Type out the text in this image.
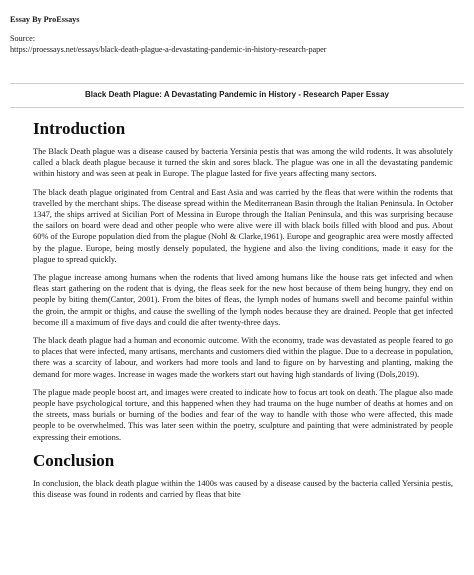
Essay By ProEssays
Source:
https://proessays.net/essays/black-death-plague-a-devastating-pandemic-in-history-research-paper
Black Death Plague: A Devastating Pandemic in History - Research Paper Essay
Introduction

The Black Death plague was a disease caused by bacteria Yersinia pestis that was among the wild rodents. It was absolutely called a black death plague because it turned the skin and sores black. The plague was one in all the devastating pandemic within history and was seen at peak in Europe. The plague lasted for five years affecting many sectors.

The black death plague originated from Central and East Asia and was carried by the fleas that were within the rodents that travelled by the merchant ships. The disease spread within the Mediterranean Basin through the Italian Peninsula. In October 1347, the ships arrived at Sicilian Port of Messina in Europe through the Italian Peninsula, and this was surprising because the sailors on board were dead and other people who were alive were ill with black boils filled with blood and pus. About 60% of the Europe population died from the plague (Nohl & Clarke,1961). Europe and geographic area were mostly affected by the plague. Europe, being mostly densely populated, the hygiene and also the living conditions, made it easy for the plague to spread quickly.

The plague increase among humans when the rodents that lived among humans like the house rats get infected and when fleas start gathering on the rodent that is dying, the fleas seek for the new host because of them being hungry, they end on people by biting them(Cantor, 2001). From the bites of fleas, the lymph nodes of humans swell and become painful within the groin, the armpit or thighs, and cause the swelling of the lymph nodes because they are drained. People that get infected become ill a maximum of five days and could die after twenty-three days.

The black death plague had a human and economic outcome. With the economy, trade was devastated as people feared to go to places that were infected, many artisans, merchants and customers died within the plague. Due to a decrease in population, there was a scarcity of labour, and workers had more tools and land to figure on by harvesting and planting, making the demand for more wages. Increase in wages made the workers start out having high standards of living (Dols,2019).

The plague made people boost art, and images were created to indicate how to focus art took on death. The plague also made people have psychological torture, and this happened when they had trauma on the huge number of deaths at homes and on the streets, mass burials or burning of the bodies and fear of the way to handle with those who were affected, this made people to be overwhelmed. This was later seen within the poetry, sculpture and painting that were administrated by people expressing their emotions.

Conclusion

In conclusion, the black death plague within the 1400s was caused by a disease caused by the bacteria called Yersinia pestis, this disease was found in rodents and carried by fleas that bite
